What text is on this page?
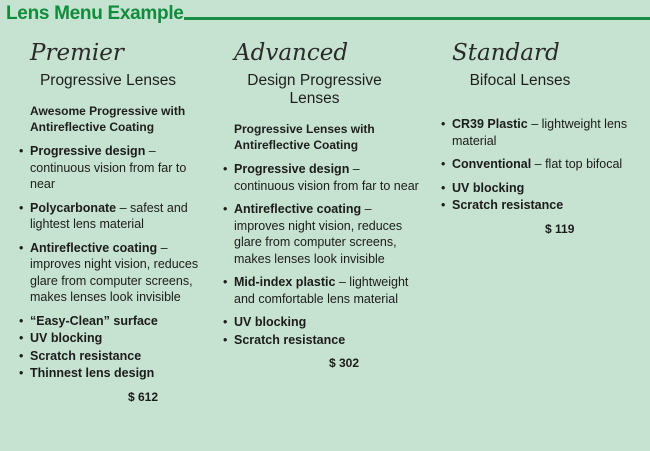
Lens Menu Example
Premier
Progressive Lenses
Awesome Progressive with Antireflective Coating
• Progressive design – continuous vision from far to near
• Polycarbonate – safest and lightest lens material
• Antireflective coating – improves night vision, reduces glare from computer screens, makes lenses look invisible
• “Easy-Clean” surface
• UV blocking
• Scratch resistance
• Thinnest lens design
$ 612
Advanced
Design Progressive Lenses
Progressive Lenses with Antireflective Coating
• Progressive design – continuous vision from far to near
• Antireflective coating – improves night vision, reduces glare from computer screens, makes lenses look invisible
• Mid-index plastic – lightweight and comfortable lens material
• UV blocking
• Scratch resistance
$ 302
Standard
Bifocal Lenses
• CR39 Plastic – lightweight lens material
• Conventional – flat top bifocal
• UV blocking
• Scratch resistance
$ 119
